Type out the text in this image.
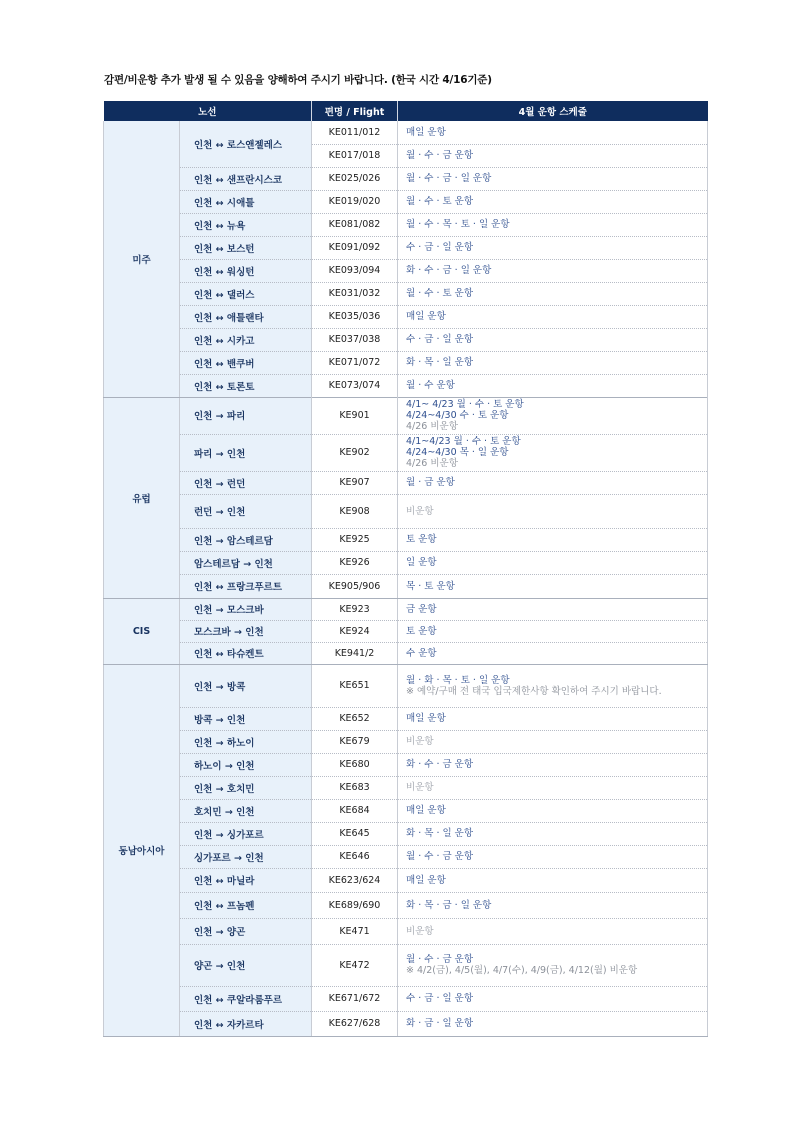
감편/비운항 추가 발생 될 수 있음을 양해하여 주시기 바랍니다. (한국 시간 4/16기준)
노선		편명 / Flight	4월 운항 스케줄
미주	인천 ↔ 로스앤젤레스	KE011/012	매일 운항
		KE017/018	월 · 수 · 금 운항
	인천 ↔ 샌프란시스코	KE025/026	월 · 수 · 금 · 일 운항
	인천 ↔ 시애틀	KE019/020	월 · 수 · 토 운항
	인천 ↔ 뉴욕	KE081/082	월 · 수 · 목 · 토 · 일 운항
	인천 ↔ 보스턴	KE091/092	수 · 금 · 일 운항
	인천 ↔ 워싱턴	KE093/094	화 · 수 · 금 · 일 운항
	인천 ↔ 댈러스	KE031/032	월 · 수 · 토 운항
	인천 ↔ 애틀랜타	KE035/036	매일 운항
	인천 ↔ 시카고	KE037/038	수 · 금 · 일 운항
	인천 ↔ 밴쿠버	KE071/072	화 · 목 · 일 운항
	인천 ↔ 토론토	KE073/074	월 · 수 운항

유럽	인천 → 파리	KE901	4/1~ 4/23 월 · 수 · 토 운항
4/24~4/30 수 · 토 운항
4/26 비운항

	파리 → 인천	KE902	4/1~4/23 월 · 수 · 토 운항
4/24~4/30 목 · 일 운항
4/26 비운항

	인천 → 런던	KE907	월 · 금 운항
	런던 → 인천	KE908	비운항
	인천 → 암스테르담	KE925	토 운항
	암스테르담 → 인천	KE926	일 운항
	인천 ↔ 프랑크푸르트	KE905/906	목 · 토 운항
CIS	인천 → 모스크바	KE923	금 운항
	모스크바 → 인천	KE924	토 운항
	인천 ↔ 타슈켄트	KE941/2	수 운항
동남아시아	인천 → 방콕	KE651	월 · 화 · 목 · 토 · 일 운항
※ 예약/구매 전 태국 입국제한사항 확인하여 주시기 바랍니다.

	방콕 → 인천	KE652	매일 운항
	인천 → 하노이	KE679	비운항
	하노이 → 인천	KE680	화 · 수 · 금 운항
	인천 → 호치민	KE683	비운항
	호치민 → 인천	KE684	매일 운항
	인천 → 싱가포르	KE645	화 · 목 · 일 운항
	싱가포르 → 인천	KE646	월 · 수 · 금 운항
	인천 ↔ 마닐라	KE623/624	매일 운항
	인천 ↔ 프놈펜	KE689/690	화 · 목 · 금 · 일 운항
	인천 → 양곤	KE471	비운항
	양곤 → 인천	KE472	월 · 수 · 금 운항
※ 4/2(금), 4/5(월), 4/7(수), 4/9(금), 4/12(월) 비운항

	인천 ↔ 쿠알라룸푸르	KE671/672	수 · 금 · 일 운항
	인천 ↔ 자카르타	KE627/628	화 · 금 · 일 운항
